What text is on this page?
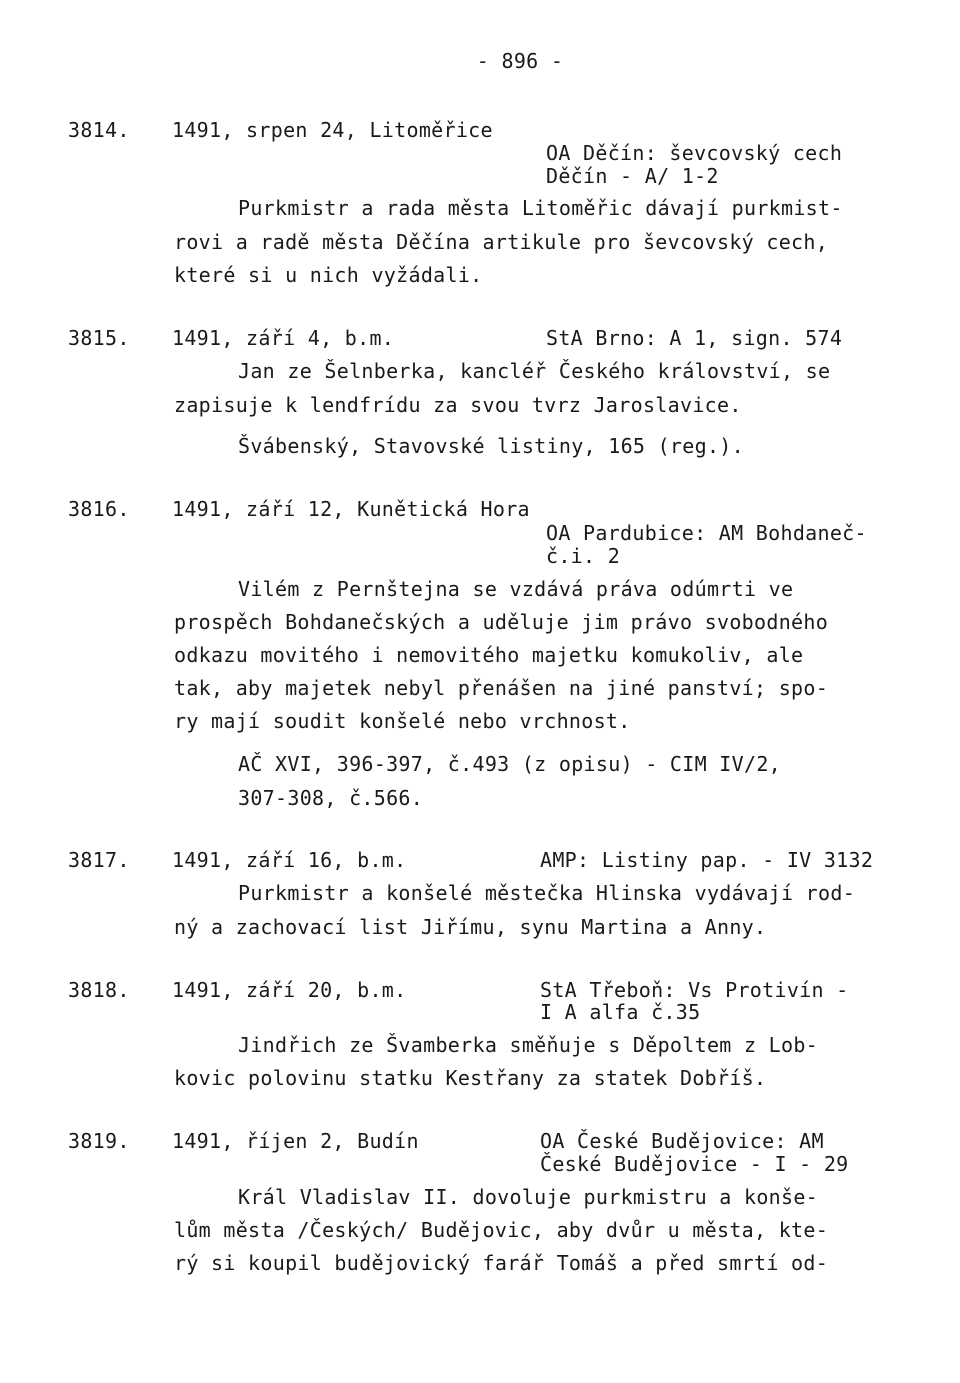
- 896 -
3814. 1491, srpen 24, Litoměřice
OA Děčín: ševcovský cech
Děčín - A/ 1-2
Purkmistr a rada města Litoměřic dávají purkmist-
rovi a radě města Děčína artikule pro ševcovský cech,
které si u nich vyžádali.
3815. 1491, září 4, b.m.	StA Brno: A 1, sign. 574
Jan ze Šelnberka, kancléř Českého království, se
zapisuje k lendfrídu za svou tvrz Jaroslavice.
Švábenský, Stavovské listiny, 165 (reg.).
3816. 1491, září 12, Kunětická Hora
OA Pardubice: AM Bohdaneč-
č.i. 2
Vilém z Pernštejna se vzdává práva odúmrti ve
prospěch Bohdanečských a uděluje jim právo svobodného
odkazu movitého i nemovitého majetku komukoliv, ale
tak, aby majetek nebyl přenášen na jiné panství; spo-
ry mají soudit konšelé nebo vrchnost.
AČ XVI, 396-397, č.493 (z opisu) - CIM IV/2,
307-308, č.566.
3817. 1491, září 16, b.m.	AMP: Listiny pap. - IV 3132
Purkmistr a konšelé městečka Hlinska vydávají rod-
ný a zachovací list Jiřímu, synu Martina a Anny.
3818. 1491, září 20, b.m.	StA Třeboň: Vs Protivín -
I A alfa č.35
Jindřich ze Švamberka směňuje s Děpoltem z Lob-
kovic polovinu statku Kestřany za statek Dobříš.
3819. 1491, říjen 2, Budín	OA České Budějovice: AM
České Budějovice - I - 29
Král Vladislav II. dovoluje purkmistru a konše-
lům města /Českých/ Budějovic, aby dvůr u města, kte-
rý si koupil budějovický farář Tomáš a před smrtí od-
